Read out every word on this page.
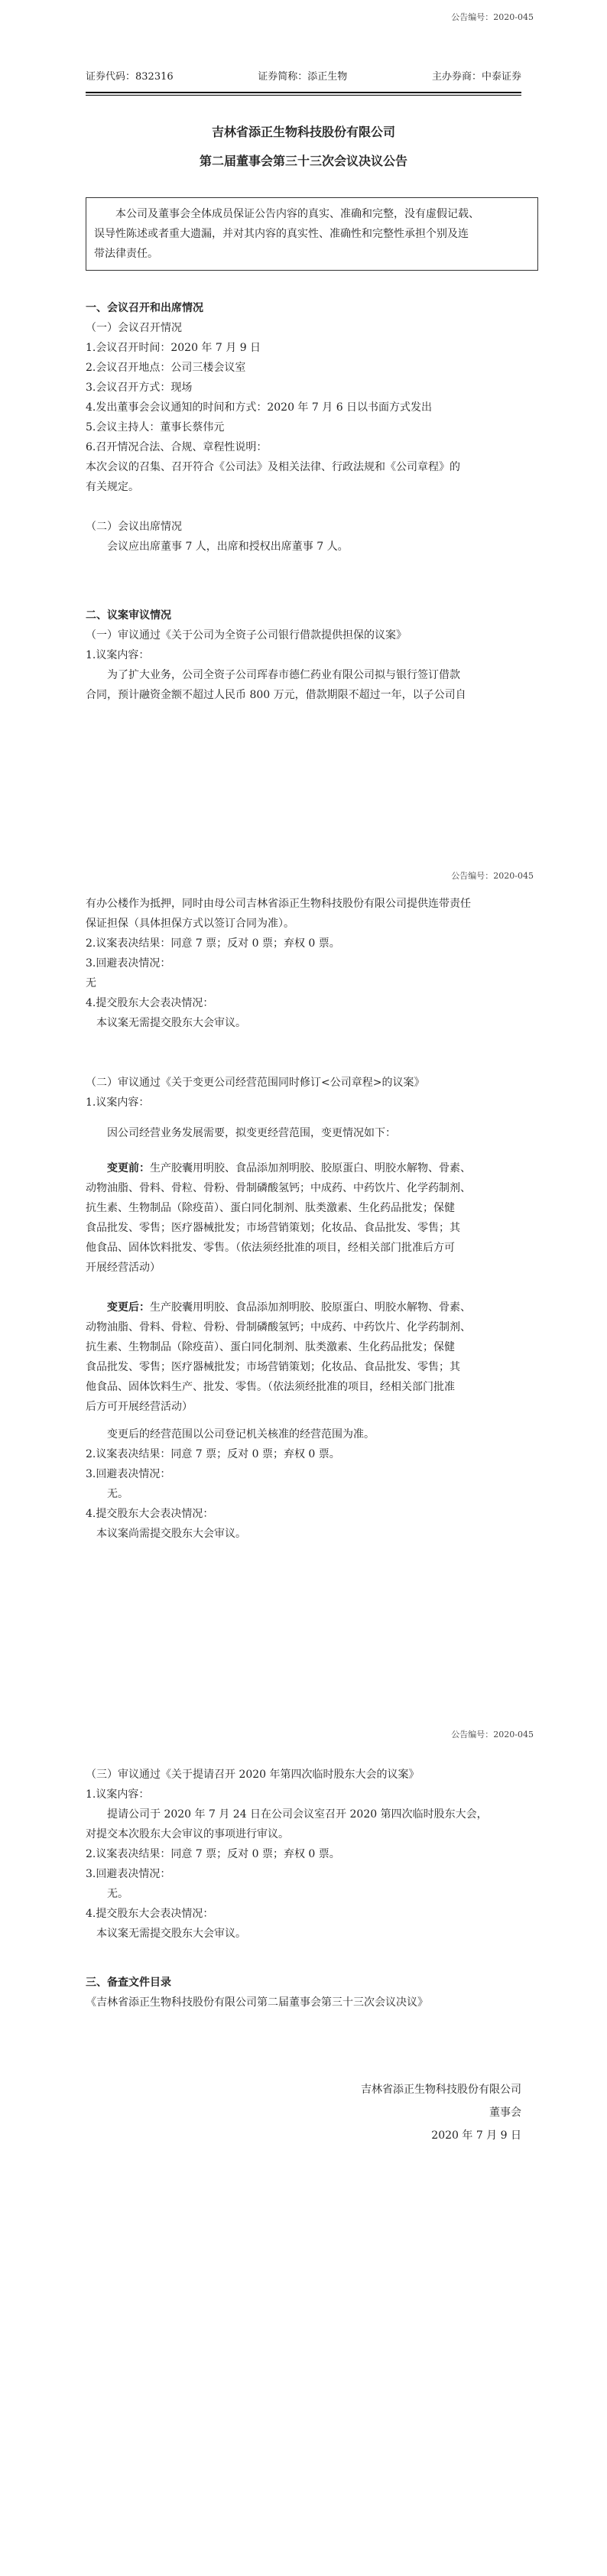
公告编号：2020-045
证券代码：832316	证券简称：添正生物	主办券商：中泰证券
吉林省添正生物科技股份有限公司
第二届董事会第三十三次会议决议公告
本公司及董事会全体成员保证公告内容的真实、准确和完整，没有虚假记载、
误导性陈述或者重大遗漏，并对其内容的真实性、准确性和完整性承担个别及连
带法律责任。
一、会议召开和出席情况
（一）会议召开情况
1.会议召开时间：2020 年 7 月 9 日
2.会议召开地点：公司三楼会议室
3.会议召开方式：现场
4.发出董事会会议通知的时间和方式：2020 年 7 月 6 日以书面方式发出
5.会议主持人：董事长蔡伟元
6.召开情况合法、合规、章程性说明：
本次会议的召集、召开符合《公司法》及相关法律、行政法规和《公司章程》的
有关规定。
（二）会议出席情况
会议应出席董事 7 人，出席和授权出席董事 7 人。
二、议案审议情况
（一）审议通过《关于公司为全资子公司银行借款提供担保的议案》
1.议案内容：
为了扩大业务，公司全资子公司珲春市德仁药业有限公司拟与银行签订借款
合同，预计融资金额不超过人民币 800 万元，借款期限不超过一年，以子公司自
公告编号：2020-045
有办公楼作为抵押，同时由母公司吉林省添正生物科技股份有限公司提供连带责任
保证担保（具体担保方式以签订合同为准）。
2.议案表决结果：同意 7 票；反对 0 票；弃权 0 票。
3.回避表决情况：
无
4.提交股东大会表决情况：
本议案无需提交股东大会审议。
（二）审议通过《关于变更公司经营范围同时修订<公司章程>的议案》
1.议案内容：
因公司经营业务发展需要，拟变更经营范围，变更情况如下：
变更前：生产胶囊用明胶、食品添加剂明胶、胶原蛋白、明胶水解物、骨素、
动物油脂、骨料、骨粒、骨粉、骨制磷酸氢钙；中成药、中药饮片、化学药制剂、
抗生素、生物制品（除疫苗）、蛋白同化制剂、肽类激素、生化药品批发；保健
食品批发、零售；医疗器械批发；市场营销策划；化妆品、食品批发、零售；其
他食品、固体饮料批发、零售。（依法须经批准的项目，经相关部门批准后方可
开展经营活动）
变更后：生产胶囊用明胶、食品添加剂明胶、胶原蛋白、明胶水解物、骨素、
动物油脂、骨料、骨粒、骨粉、骨制磷酸氢钙；中成药、中药饮片、化学药制剂、
抗生素、生物制品（除疫苗）、蛋白同化制剂、肽类激素、生化药品批发；保健
食品批发、零售；医疗器械批发；市场营销策划；化妆品、食品批发、零售；其
他食品、固体饮料生产、批发、零售。（依法须经批准的项目，经相关部门批准
后方可开展经营活动）
变更后的经营范围以公司登记机关核准的经营范围为准。
2.议案表决结果：同意 7 票；反对 0 票；弃权 0 票。
3.回避表决情况：
无。
4.提交股东大会表决情况：
本议案尚需提交股东大会审议。
公告编号：2020-045
（三）审议通过《关于提请召开 2020 年第四次临时股东大会的议案》
1.议案内容：
提请公司于 2020 年 7 月 24 日在公司会议室召开 2020 第四次临时股东大会，
对提交本次股东大会审议的事项进行审议。
2.议案表决结果：同意 7 票；反对 0 票；弃权 0 票。
3.回避表决情况：
无。
4.提交股东大会表决情况：
本议案无需提交股东大会审议。
三、备查文件目录
《吉林省添正生物科技股份有限公司第二届董事会第三十三次会议决议》
吉林省添正生物科技股份有限公司
董事会
2020 年 7 月 9 日
